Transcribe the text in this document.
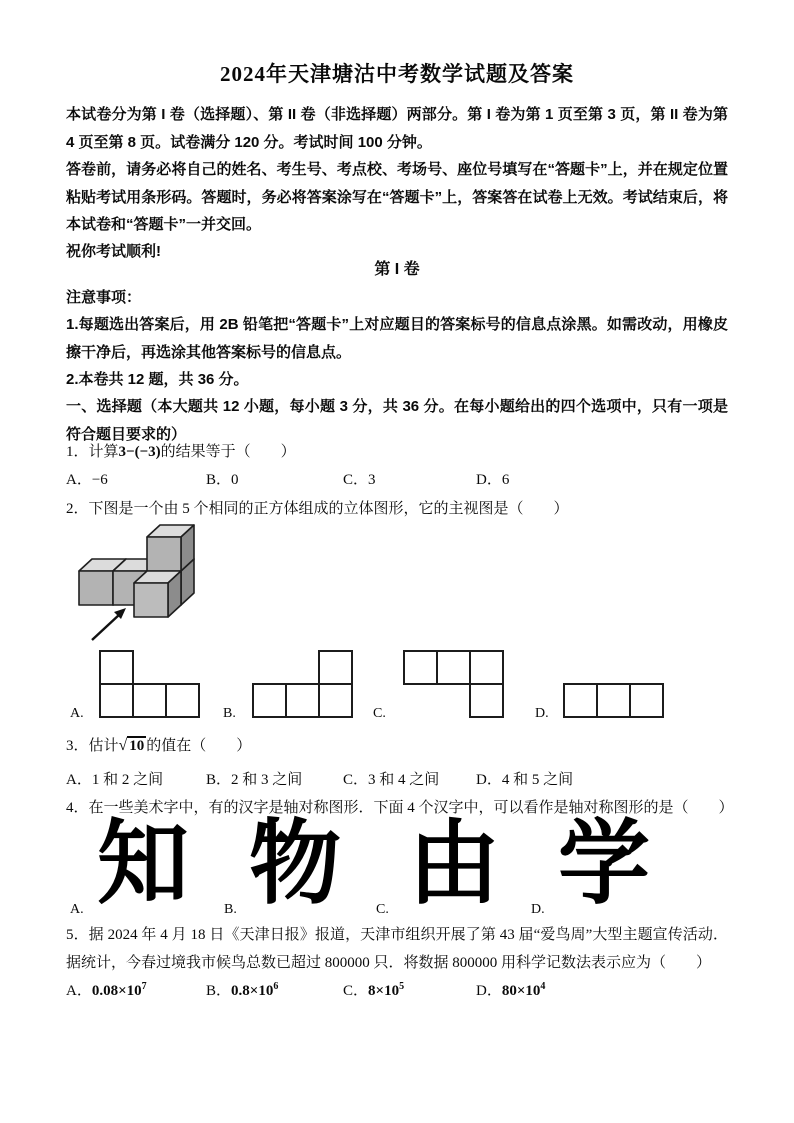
2024年天津塘沽中考数学试题及答案
本试卷分为第 I 卷（选择题）、第 II 卷（非选择题）两部分。第 I 卷为第 1 页至第 3 页，第 II 卷为第 4 页至第 8 页。试卷满分 120 分。考试时间 100 分钟。
答卷前，请务必将自己的姓名、考生号、考点校、考场号、座位号填写在“答题卡”上，并在规定位置粘贴考试用条形码。答题时，务必将答案涂写在“答题卡”上，答案答在试卷上无效。考试结束后，将本试卷和“答题卡”一并交回。
祝你考试顺利!
第 I 卷
注意事项：
1.每题选出答案后，用 2B 铅笔把“答题卡”上对应题目的答案标号的信息点涂黑。如需改动，用橡皮擦干净后，再选涂其他答案标号的信息点。
2.本卷共 12 题，共 36 分。
一、选择题（本大题共 12 小题，每小题 3 分，共 36 分。在每小题给出的四个选项中，只有一项是符合题目要求的）
1．计算3−(−3)的结果等于（　　）
A．−6	B．0	C．3	D．6
2．下图是一个由 5 个相同的正方体组成的立体图形，它的主视图是（　　）
A.	B.	C.	D.
3．估计√ 10 的值在（　　）
A．1 和 2 之间	B．2 和 3 之间	C．3 和 4 之间	D．4 和 5 之间
4．在一些美术字中，有的汉字是轴对称图形．下面 4 个汉字中，可以看作是轴对称图形的是（　　）
知 物 由 学
A.	B.	C.	D.
5．据 2024 年 4 月 18 日《天津日报》报道，天津市组织开展了第 43 届“爱鸟周”大型主题宣传活动．据统计，今春过境我市候鸟总数已超过 800000 只．将数据 800000 用科学记数法表示应为（　　）
A．$0.08\times 10^7$	B．$0.8\times 10^6$	C．$8\times 10^5$	D．$80\times 10^4$
